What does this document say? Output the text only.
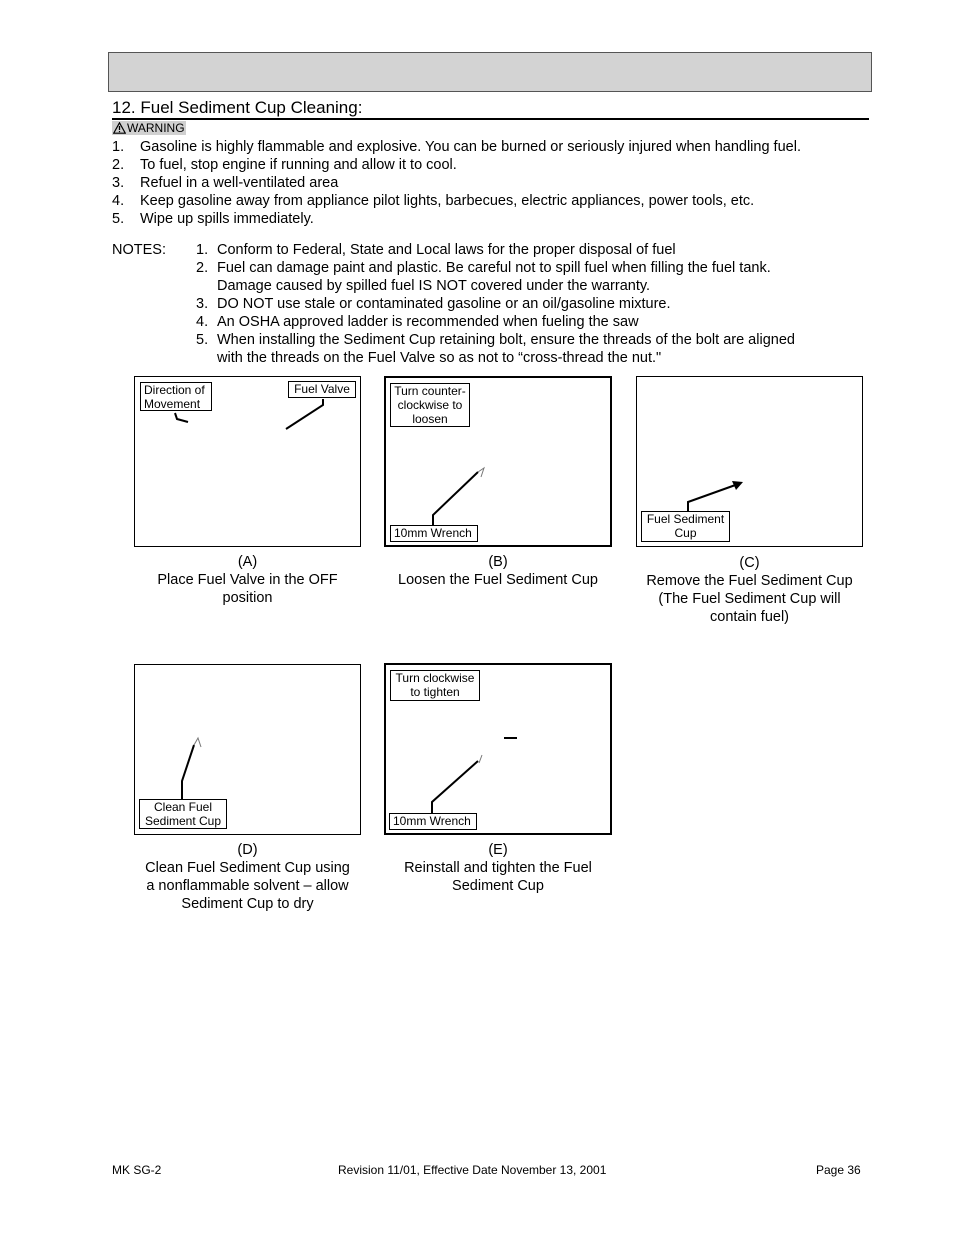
12. Fuel Sediment Cup Cleaning:
WARNING
1.	Gasoline is highly flammable and explosive. You can be burned or seriously injured when handling fuel.
2.	To fuel, stop engine if running and allow it to cool.
3.	Refuel in a well-ventilated area
4.	Keep gasoline away from appliance pilot lights, barbecues, electric appliances, power tools, etc.
5.	Wipe up spills immediately.
NOTES: 1. Conform to Federal, State and Local laws for the proper disposal of fuel
2. Fuel can damage paint and plastic. Be careful not to spill fuel when filling the fuel tank.
Damage caused by spilled fuel IS NOT covered under the warranty.
3. DO NOT use stale or contaminated gasoline or an oil/gasoline mixture.
4. An OSHA approved ladder is recommended when fueling the saw
5. When installing the Sediment Cup retaining bolt, ensure the threads of the bolt are aligned
with the threads on the Fuel Valve so as not to “cross-thread the nut."
Direction of Movement
Fuel Valve
(A)
Place Fuel Valve in the OFF
position
Turn counter-clockwise to loosen
10mm Wrench
(B)
Loosen the Fuel Sediment Cup
Fuel Sediment Cup
(C)
Remove the Fuel Sediment Cup
(The Fuel Sediment Cup will
contain fuel)
Clean Fuel Sediment Cup
(D)
Clean Fuel Sediment Cup using
a nonflammable solvent – allow
Sediment Cup to dry
Turn clockwise to tighten
10mm Wrench
(E)
Reinstall and tighten the Fuel
Sediment Cup
MK SG-2	Revision 11/01, Effective Date November 13, 2001	Page 36
